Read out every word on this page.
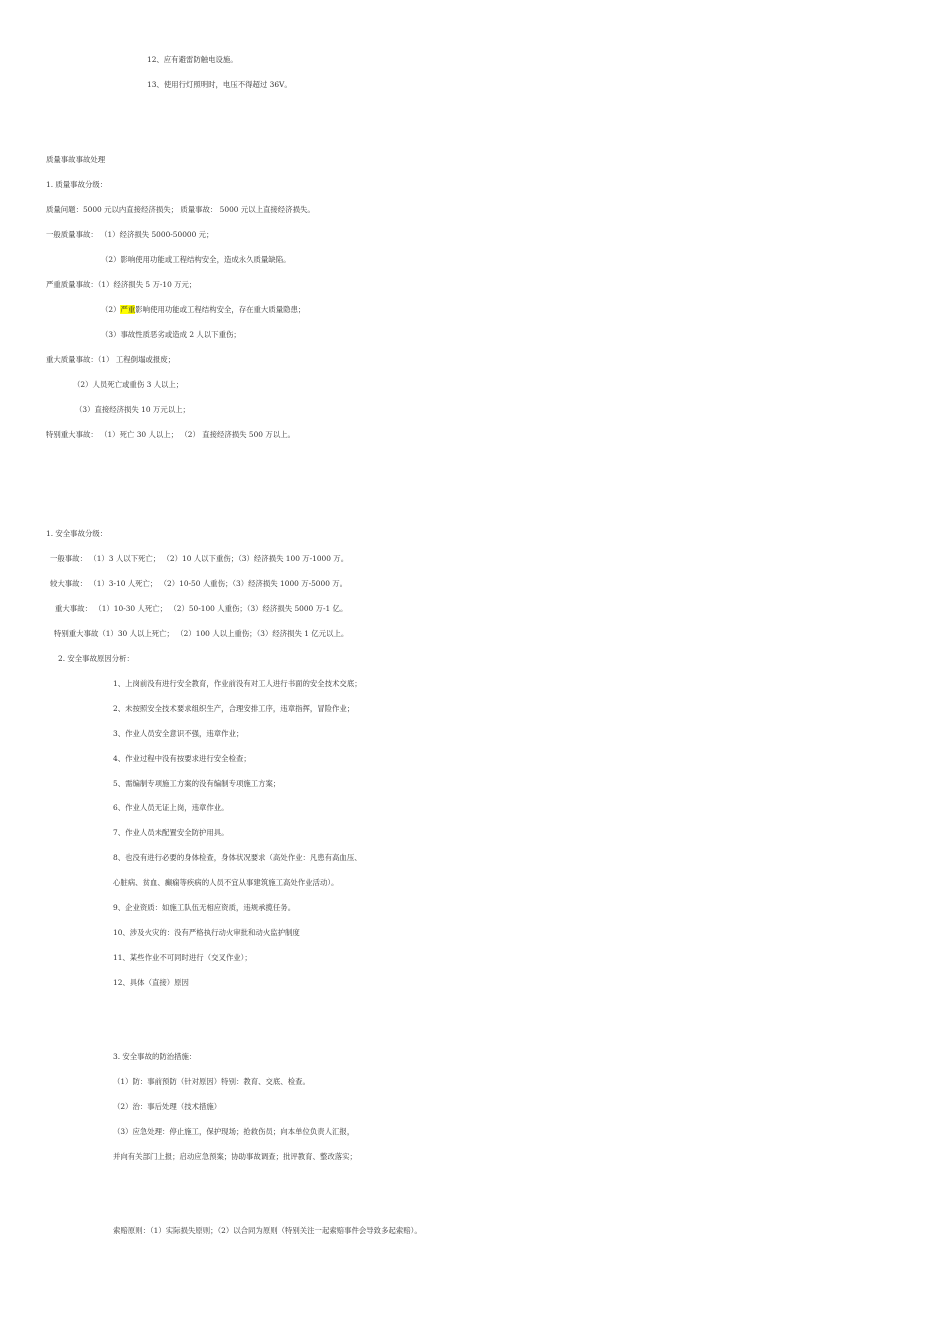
12、应有避雷防触电设施。
13、使用行灯照明时，电压不得超过 36V。
质量事故事故处理
1. 质量事故分级：
质量问题：5000 元以内直接经济损失； 质量事故： 5000 元以上直接经济损失。
一般质量事故： （1）经济损失 5000-50000 元；
（2）影响使用功能或工程结构安全，造成永久质量缺陷。
严重质量事故：（1）经济损失 5 万-10 万元；
（2）严重影响使用功能或工程结构安全，存在重大质量隐患；
（3）事故性质恶劣或造成 2 人以下重伤；
重大质量事故：（1） 工程倒塌或报废；
（2）人员死亡或重伤 3 人以上；
（3）直接经济损失 10 万元以上；
特别重大事故： （1）死亡 30 人以上； （2） 直接经济损失 500 万以上。
1. 安全事故分级：
一般事故： （1）3 人以下死亡； （2）10 人以下重伤；（3）经济损失 100 万-1000 万。
较大事故： （1）3-10 人死亡； （2）10-50 人重伤；（3）经济损失 1000 万-5000 万。
重大事故： （1）10-30 人死亡； （2）50-100 人重伤；（3）经济损失 5000 万-1 亿。
特别重大事故（1）30 人以上死亡； （2）100 人以上重伤；（3）经济损失 1 亿元以上。
2. 安全事故原因分析：
1、上岗前没有进行安全教育，作业前没有对工人进行书面的安全技术交底；
2、未按照安全技术要求组织生产，合理安排工序，违章指挥，冒险作业；
3、作业人员安全意识不强，违章作业；
4、作业过程中没有按要求进行安全检查；
5、需编制专项施工方案的没有编制专项施工方案；
6、作业人员无证上岗，违章作业。
7、作业人员未配置安全防护用具。
8、也没有进行必要的身体检查，身体状况要求（高处作业：凡患有高血压、
心脏病、贫血、癫痫等疾病的人员不宜从事建筑施工高处作业活动）。
9、企业资质：如施工队伍无相应资质，违规承揽任务。
10、涉及火灾的：没有严格执行动火审批和动火监护制度
11、某些作业不可同时进行（交叉作业）；
12、具体（直接）原因
3. 安全事故的防治措施：
（1）防：事前预防（针对原因）特别：教育、交底、检查。
（2）治：事后处理（技术措施）
（3）应急处理：停止施工，保护现场；抢救伤员；向本单位负责人汇报，
并向有关部门上报；启动应急预案；协助事故调查；批评教育、整改落实；
索赔原则：（1）实际损失原则；（2）以合同为原则（特别关注一起索赔事件会导致多起索赔）。
